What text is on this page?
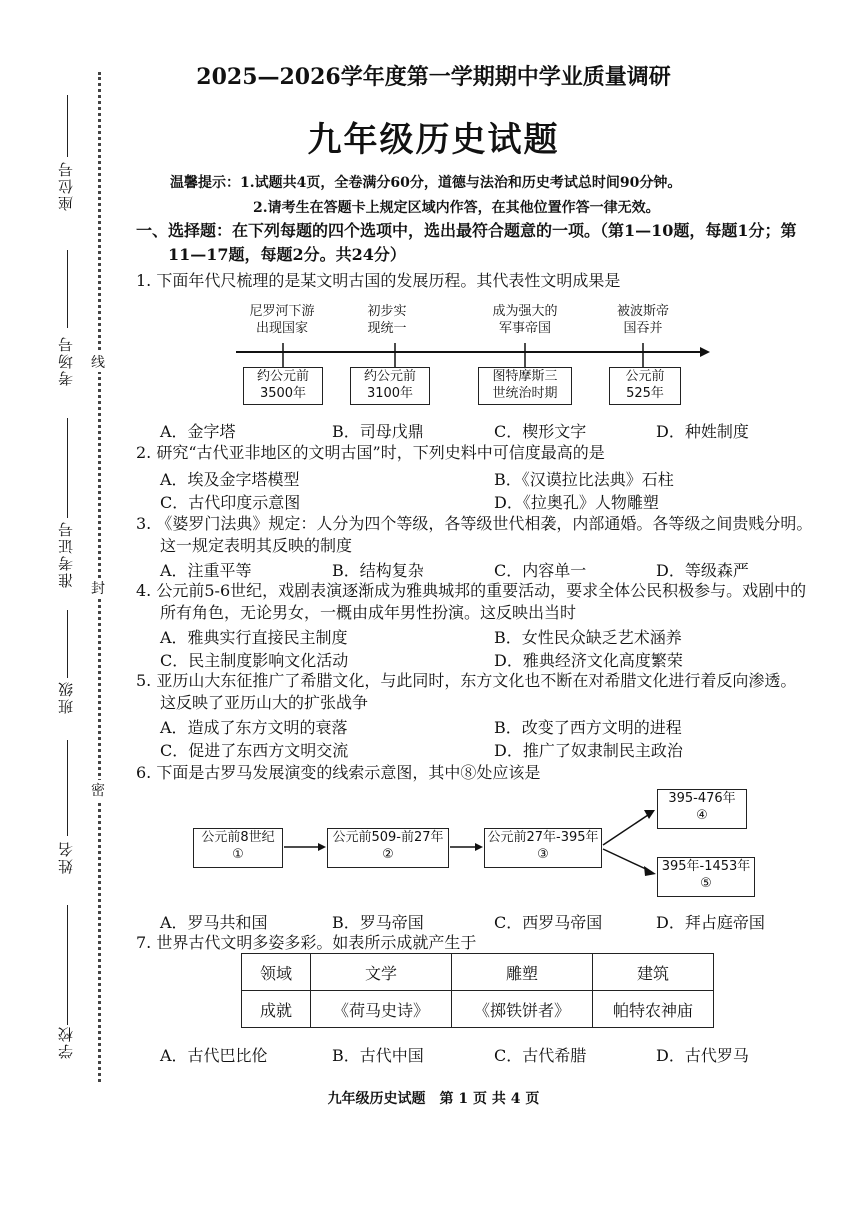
座位号
考场号
准考证号
班级
姓名
学校
线
封
密
2025—2026学年度第一学期期中学业质量调研
九年级历史试题
温馨提示：1.试题共4页，全卷满分60分，道德与法治和历史考试总时间90分钟。
2.请考生在答题卡上规定区域内作答，在其他位置作答一律无效。
一、选择题：在下列每题的四个选项中，选出最符合题意的一项。（第1—10题，每题1分；第
11—17题，每题2分。共24分）
1. 下面年代尺梳理的是某文明古国的发展历程。其代表性文明成果是
尼罗河下游
出现国家
初步实
现统一
成为强大的
军事帝国
被波斯帝
国吞并
约公元前
3500年
约公元前
3100年
图特摩斯三
世统治时期
公元前
525年
A．金字塔	B．司母戊鼎	C．楔形文字	D．种姓制度
2. 研究“古代亚非地区的文明古国”时，下列史料中可信度最高的是
A．埃及金字塔模型	B．《汉谟拉比法典》石柱
C．古代印度示意图	D．《拉奥孔》人物雕塑
3. 《婆罗门法典》规定：人分为四个等级，各等级世代相袭，内部通婚。各等级之间贵贱分明。
这一规定表明其反映的制度
A．注重平等	B．结构复杂	C．内容单一	D．等级森严
4. 公元前5-6世纪，戏剧表演逐渐成为雅典城邦的重要活动，要求全体公民积极参与。戏剧中的
所有角色，无论男女，一概由成年男性扮演。这反映出当时
A．雅典实行直接民主制度	B．女性民众缺乏艺术涵养
C．民主制度影响文化活动	D．雅典经济文化高度繁荣
5. 亚历山大东征推广了希腊文化，与此同时，东方文化也不断在对希腊文化进行着反向渗透。
这反映了亚历山大的扩张战争
A．造成了东方文明的衰落	B．改变了西方文明的进程
C．促进了东西方文明交流	D．推广了奴隶制民主政治
6. 下面是古罗马发展演变的线索示意图，其中⑧处应该是
公元前8世纪
①
公元前509-前27年
②
公元前27年-395年
③
395-476年
④
395年-1453年
⑤
A．罗马共和国	B．罗马帝国	C．西罗马帝国	D．拜占庭帝国
7. 世界古代文明多姿多彩。如表所示成就产生于
领域	文学	雕塑	建筑
成就	《荷马史诗》	《掷铁饼者》	帕特农神庙
A．古代巴比伦	B．古代中国	C．古代希腊	D．古代罗马
九年级历史试题　第 1 页 共 4 页
